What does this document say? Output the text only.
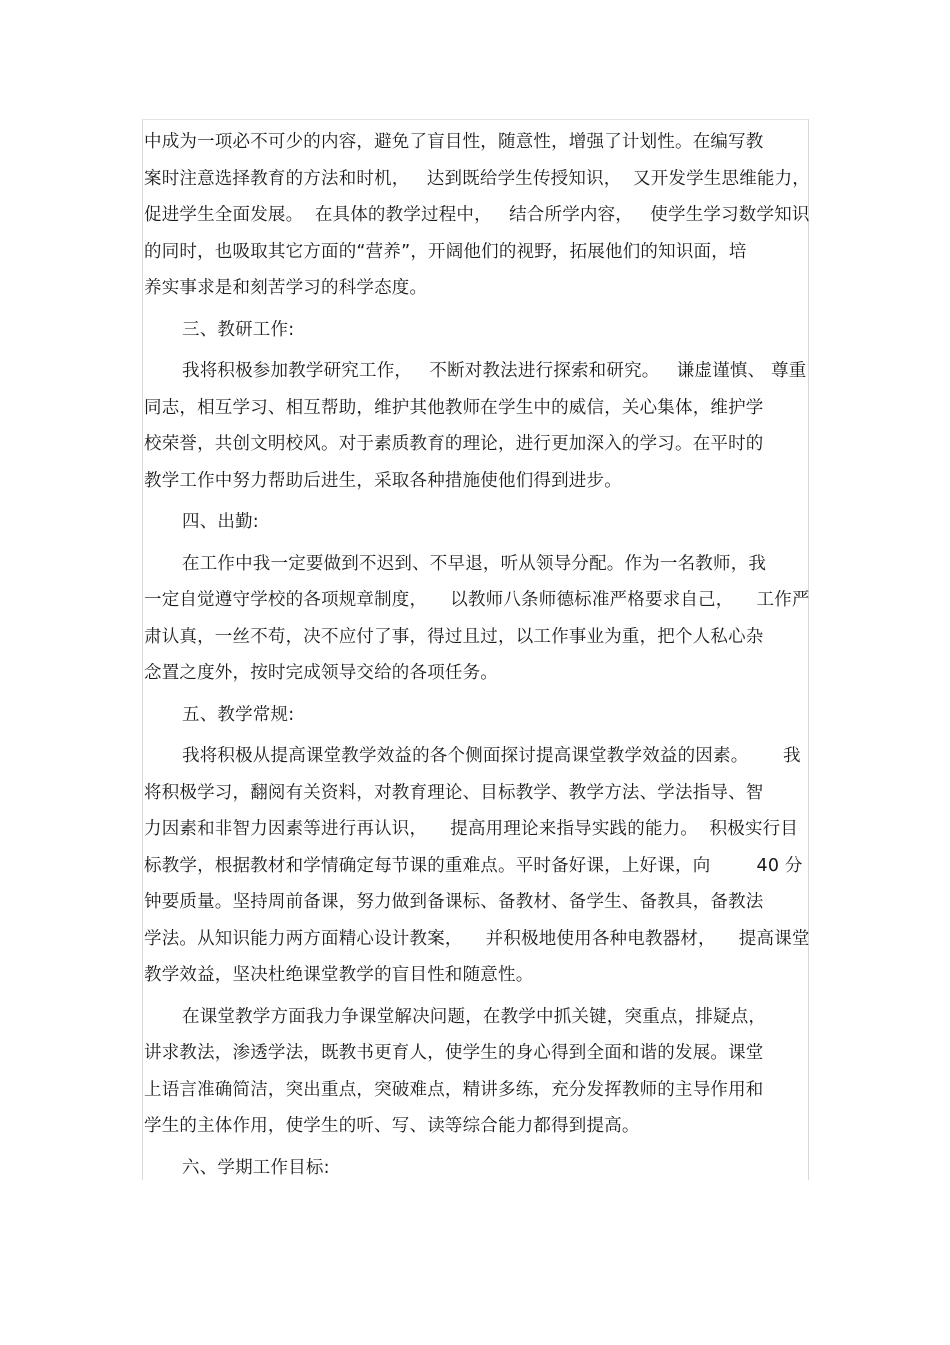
中成为一项必不可少的内容，避免了盲目性，随意性，增强了计划性。在编写教
案时注意选择教育的方法和时机，   达到既给学生传授知识，  又开发学生思维能力，
促进学生全面发展。  在具体的教学过程中，   结合所学内容，   使学生学习数学知识
的同时，也吸取其它方面的“营养”，开阔他们的视野，拓展他们的知识面，培
养实事求是和刻苦学习的科学态度。
三、教研工作:
我将积极参加教学研究工作，   不断对教法进行探索和研究。   谦虚谨慎、 尊重
同志，相互学习、相互帮助，维护其他教师在学生中的威信，关心集体，维护学
校荣誉，共创文明校风。对于素质教育的理论，进行更加深入的学习。在平时的
教学工作中努力帮助后进生，采取各种措施使他们得到进步。
四、出勤:
在工作中我一定要做到不迟到、不早退，听从领导分配。作为一名教师，我
一定自觉遵守学校的各项规章制度，    以教师八条师德标准严格要求自己，    工作严
肃认真，一丝不苟，决不应付了事，得过且过，以工作事业为重，把个人私心杂
念置之度外，按时完成领导交给的各项任务。
五、教学常规:
我将积极从提高课堂教学效益的各个侧面探讨提高课堂教学效益的因素。      我
将积极学习，翻阅有关资料，对教育理论、目标教学、教学方法、学法指导、智
力因素和非智力因素等进行再认识，    提高用理论来指导实践的能力。  积极实行目
标教学，根据教材和学情确定每节课的重难点。平时备好课，上好课，向        40 分
钟要质量。坚持周前备课，努力做到备课标、备教材、备学生、备教具，备教法
学法。从知识能力两方面精心设计教案，    并积极地使用各种电教器材，    提高课堂
教学效益，坚决杜绝课堂教学的盲目性和随意性。
在课堂教学方面我力争课堂解决问题，在教学中抓关键，突重点，排疑点，
讲求教法，渗透学法，既教书更育人，使学生的身心得到全面和谐的发展。课堂
上语言准确简洁，突出重点，突破难点，精讲多练，充分发挥教师的主导作用和
学生的主体作用，使学生的听、写、读等综合能力都得到提高。
六、学期工作目标:
